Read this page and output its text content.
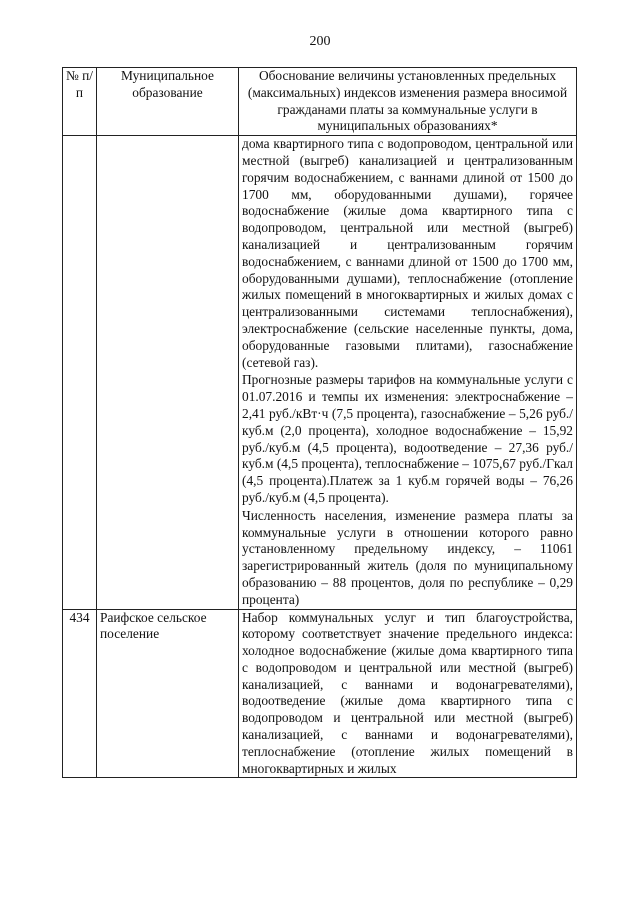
200
№ п/п	Муниципальное образование	Обоснование величины установленных предельных (максимальных) индексов изменения размера вносимой гражданами платы за коммунальные услуги в муниципальных образованиях*

		дома квартирного типа с водопроводом, центральной или местной (выгреб) канализацией и централизованным горячим водоснабжением, с ваннами длиной от 1500 до 1700 мм, оборудованными душами), горячее водоснабжение (жилые дома квартирного типа с водопроводом, центральной или местной (выгреб) канализацией и централизованным горячим водоснабжением, с ваннами длиной от 1500 до 1700 мм, оборудованными душами), теплоснабжение (отопление жилых помещений в многоквартирных и жилых домах с централизованными системами теплоснабжения), электроснабжение (сельские населенные пункты, дома, оборудованные газовыми плитами), газоснабжение (сетевой газ).

Прогнозные размеры тарифов на коммунальные услуги с 01.07.2016 и темпы их изменения: электроснабжение – 2,41 руб./кВт·ч (7,5 процента), газоснабжение – 5,26 руб./куб.м (2,0 процента), холодное водоснабжение – 15,92 руб./куб.м (4,5 процента), водоотведение – 27,36 руб./куб.м (4,5 процента), теплоснабжение – 1075,67 руб./Гкал (4,5 процента).Платеж за 1 куб.м горячей воды – 76,26 руб./куб.м (4,5 процента).

Численность населения, изменение размера платы за коммунальные услуги в отношении которого равно установленному предельному индексу, – 11061 зарегистрированный житель (доля по муниципальному образованию – 88 процентов, доля по республике – 0,29 процента)

434	Раифское сельское поселение	Набор коммунальных услуг и тип благоустройства, которому соответствует значение предельного индекса: холодное водоснабжение (жилые дома квартирного типа с водопроводом и центральной или местной (выгреб) канализацией, с ваннами и водонагревателями), водоотведение (жилые дома квартирного типа с водопроводом и центральной или местной (выгреб) канализацией, с ваннами и водонагревателями), теплоснабжение (отопление жилых помещений в многоквартирных и жилых
